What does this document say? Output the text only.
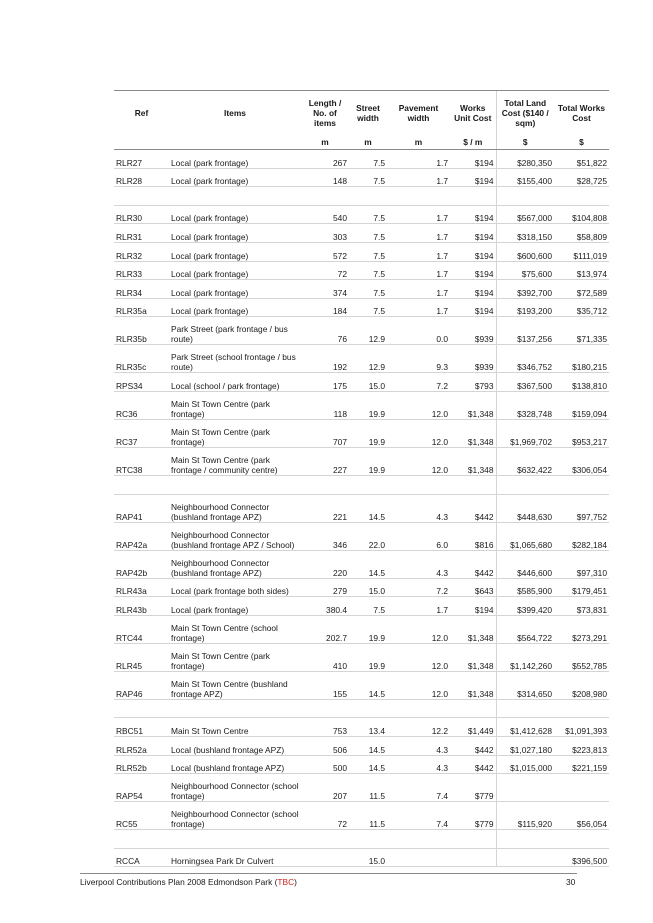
Ref	Items	Length / No. of items	Street width	Pavement width	Works Unit Cost	Total Land Cost ($140 / sqm)	Total Works Cost
		m	m	m	$ / m	$	$
RLR27	Local (park frontage)	267	7.5	1.7	$194	$280,350	$51,822
RLR28	Local (park frontage)	148	7.5	1.7	$194	$155,400	$28,725

RLR30	Local (park frontage)	540	7.5	1.7	$194	$567,000	$104,808
RLR31	Local (park frontage)	303	7.5	1.7	$194	$318,150	$58,809
RLR32	Local (park frontage)	572	7.5	1.7	$194	$600,600	$111,019
RLR33	Local (park frontage)	72	7.5	1.7	$194	$75,600	$13,974
RLR34	Local (park frontage)	374	7.5	1.7	$194	$392,700	$72,589
RLR35a	Local (park frontage)	184	7.5	1.7	$194	$193,200	$35,712
RLR35b	Park Street (park frontage / bus route)	76	12.9	0.0	$939	$137,256	$71,335
RLR35c	Park Street (school frontage / bus route)	192	12.9	9.3	$939	$346,752	$180,215
RPS34	Local (school / park frontage)	175	15.0	7.2	$793	$367,500	$138,810
RC36	Main St Town Centre (park frontage)	118	19.9	12.0	$1,348	$328,748	$159,094
RC37	Main St Town Centre (park frontage)	707	19.9	12.0	$1,348	$1,969,702	$953,217
RTC38	Main St Town Centre (park frontage / community centre)	227	19.9	12.0	$1,348	$632,422	$306,054

RAP41	Neighbourhood Connector (bushland frontage APZ)	221	14.5	4.3	$442	$448,630	$97,752
RAP42a	Neighbourhood Connector (bushland frontage APZ / School)	346	22.0	6.0	$816	$1,065,680	$282,184
RAP42b	Neighbourhood Connector (bushland frontage APZ)	220	14.5	4.3	$442	$446,600	$97,310
RLR43a	Local (park frontage both sides)	279	15.0	7.2	$643	$585,900	$179,451
RLR43b	Local (park frontage)	380.4	7.5	1.7	$194	$399,420	$73,831
RTC44	Main St Town Centre (school frontage)	202.7	19.9	12.0	$1,348	$564,722	$273,291
RLR45	Main St Town Centre (park frontage)	410	19.9	12.0	$1,348	$1,142,260	$552,785
RAP46	Main St Town Centre (bushland frontage APZ)	155	14.5	12.0	$1,348	$314,650	$208,980

RBC51	Main St Town Centre	753	13.4	12.2	$1,449	$1,412,628	$1,091,393
RLR52a	Local (bushland frontage APZ)	506	14.5	4.3	$442	$1,027,180	$223,813
RLR52b	Local (bushland frontage APZ)	500	14.5	4.3	$442	$1,015,000	$221,159
RAP54	Neighbourhood Connector (school frontage)	207	11.5	7.4	$779		
RC55	Neighbourhood Connector (school frontage)	72	11.5	7.4	$779	$115,920	$56,054

RCCA	Horningsea Park Dr Culvert		15.0				$396,500
Liverpool Contributions Plan 2008 Edmondson Park (TBC)	30
